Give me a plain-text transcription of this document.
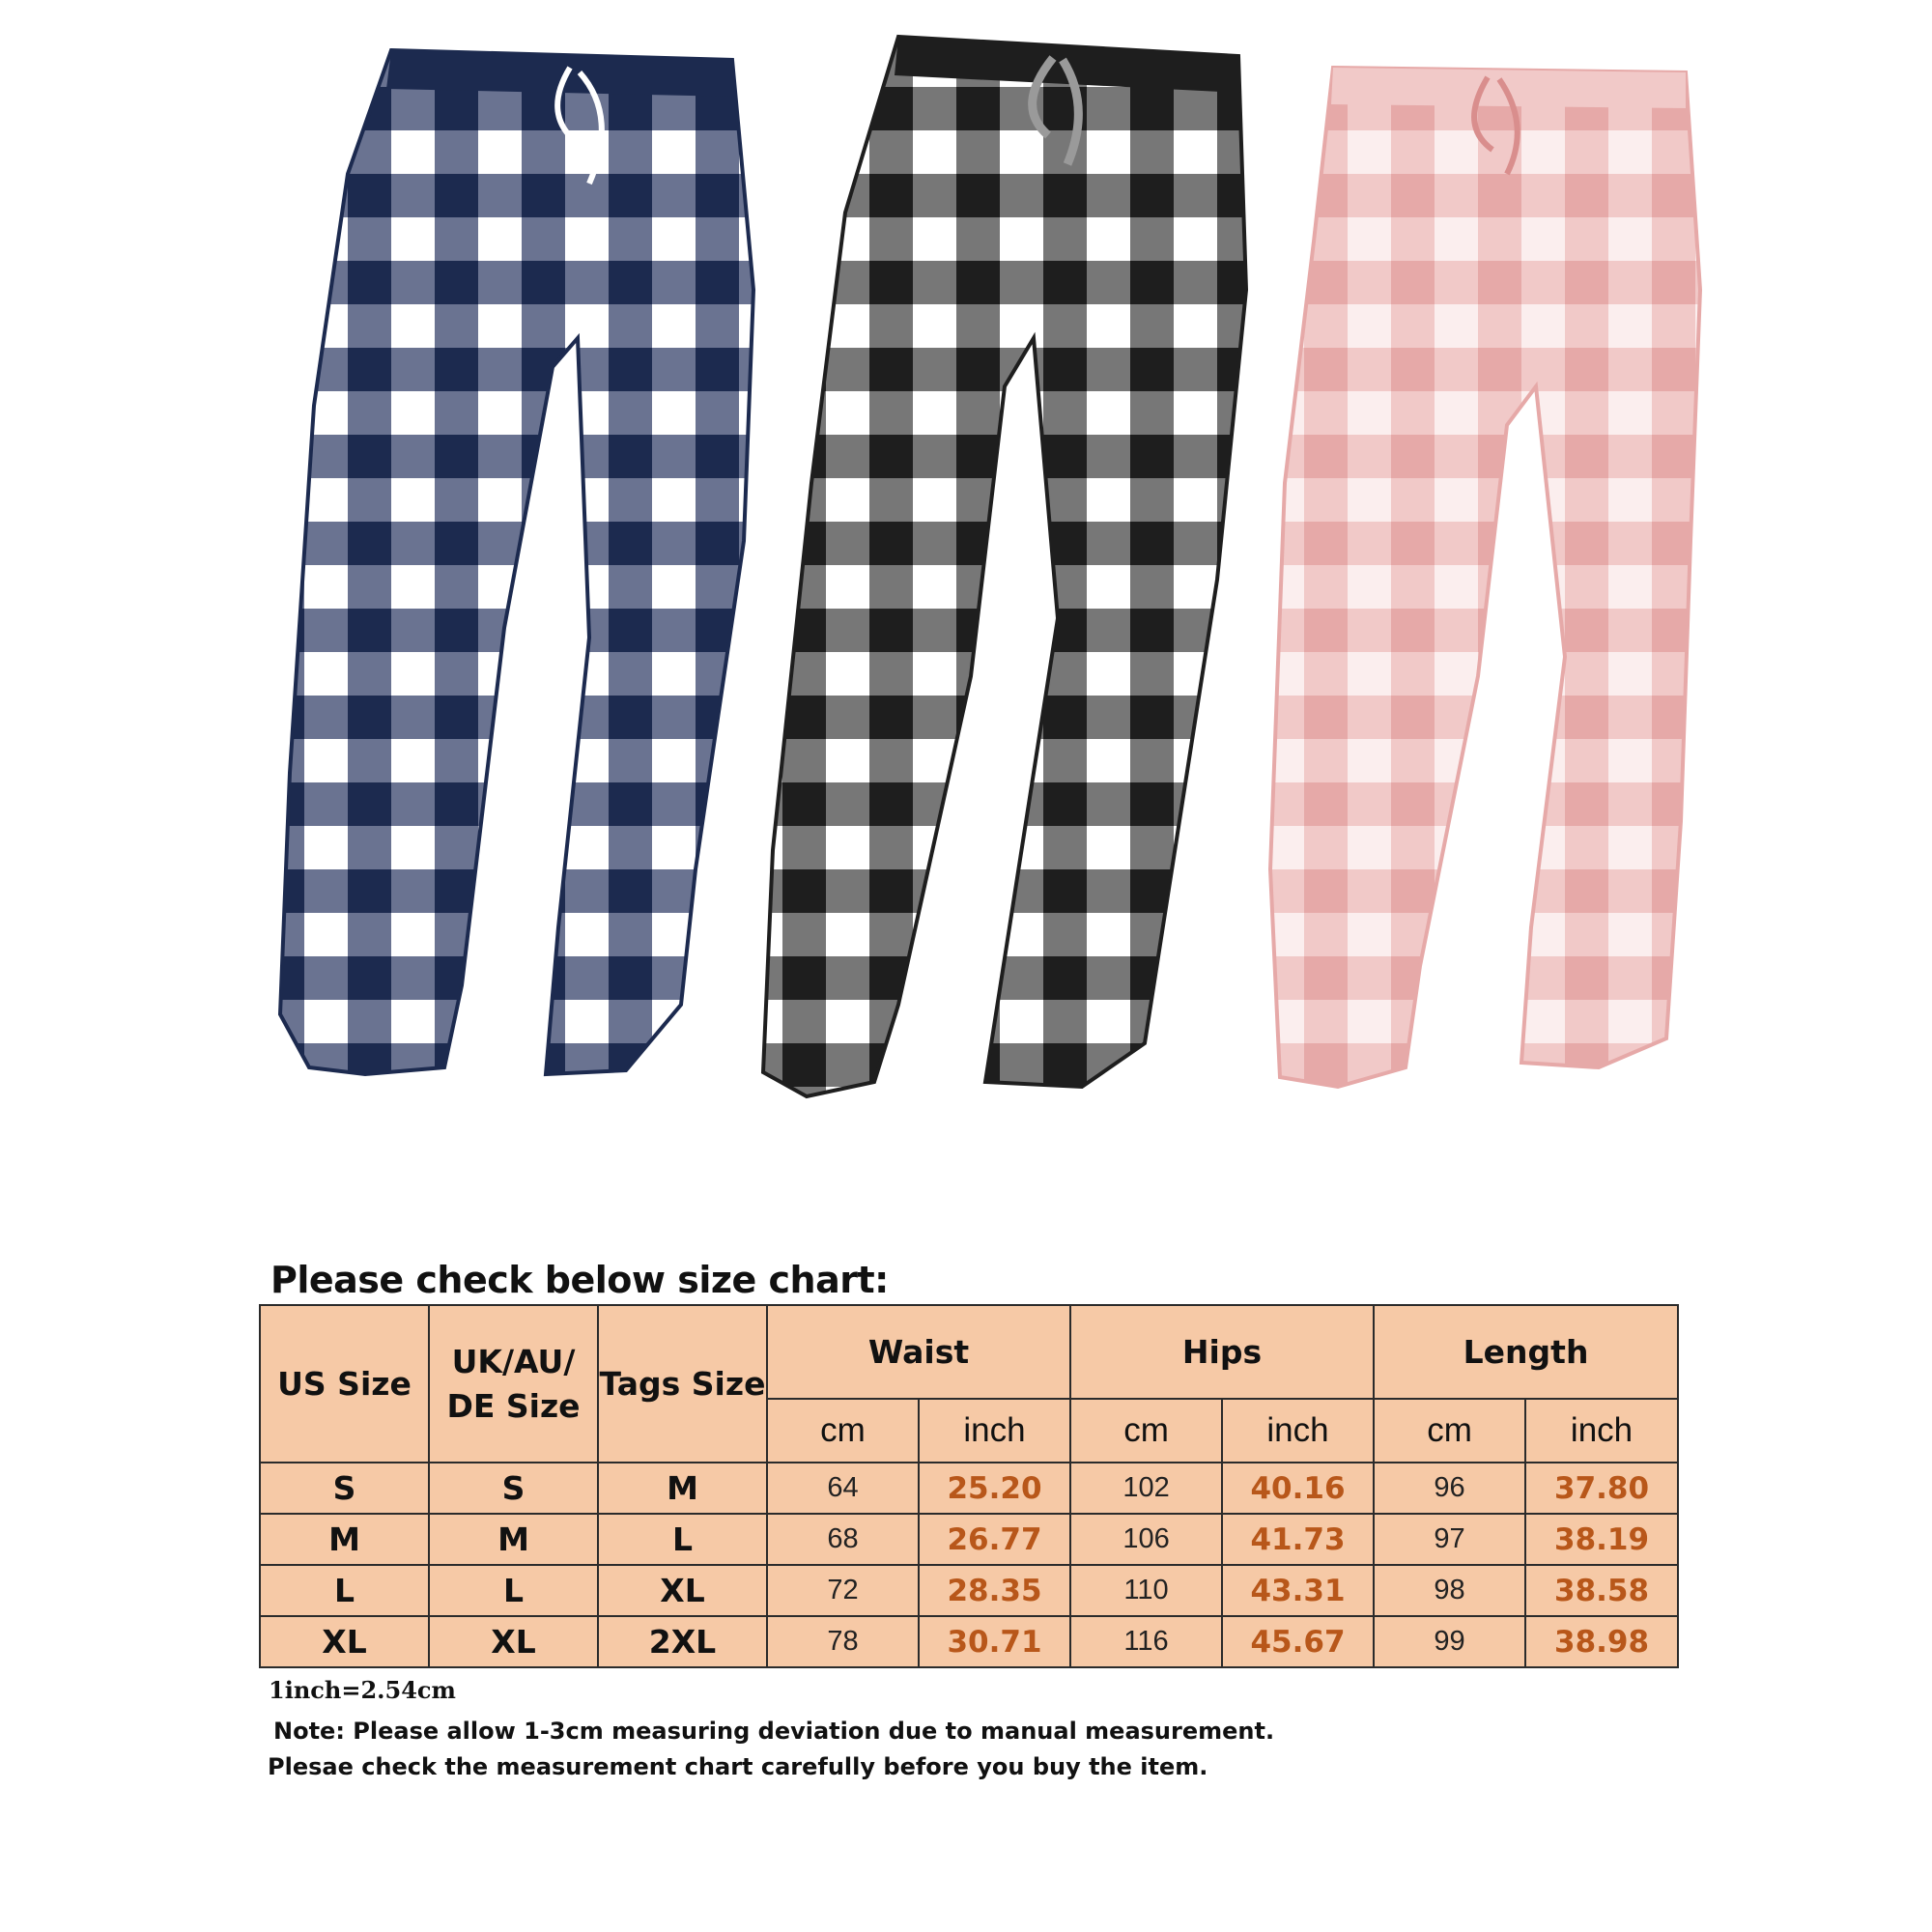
Please check below size chart:
US Size	UK/AU/ DE Size	Tags Size	Waist		Hips		Length	
			cm	inch	cm	inch	cm	inch
S	S	M	64	25.20	102	40.16	96	37.80
M	M	L	68	26.77	106	41.73	97	38.19
L	L	XL	72	28.35	110	43.31	98	38.58
XL	XL	2XL	78	30.71	116	45.67	99	38.98
1inch=2.54cm
Note: Please allow 1-3cm measuring deviation due to manual measurement.
Plesae check the measurement chart carefully before you buy the item.
